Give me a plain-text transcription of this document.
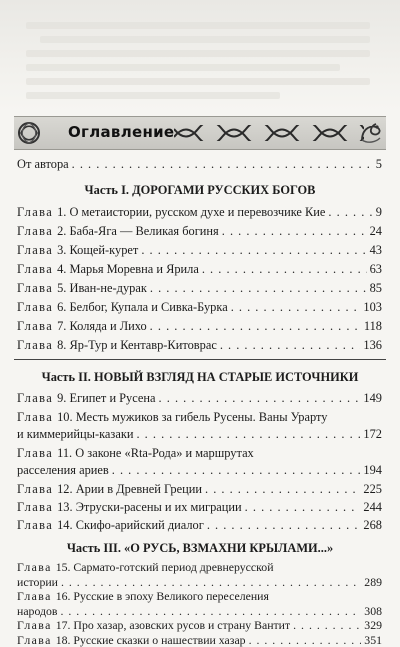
Оглавление
От автора . . .	5
Часть I. ДОРОГАМИ РУССКИХ БОГОВ
Глава 1. О метаистории, русском духе и перевозчике Кие . . .	9
Глава 2. Баба-Яга — Великая богиня . . .	24
Глава 3. Кощей-курет . . .	43
Глава 4. Марья Моревна и Ярила . . .	63
Глава 5. Иван-не-дурак . . .	85
Глава 6. Белбог, Купала и Сивка-Бурка . . .	103
Глава 7. Коляда и Лихо . . .	118
Глава 8. Яр-Тур и Кентавр-Китоврас . . .	136
Часть II. НОВЫЙ ВЗГЛЯД НА СТАРЫЕ ИСТОЧНИКИ
Глава 9. Египет и Русена . . .	149
Глава 10. Месть мужиков за гибель Русены. Ваны Урарту
и киммерийцы-казаки . . .	172
Глава 11. О законе «Rta-Рода» и маршрутах
расселения ариев . . .	194
Глава 12. Арии в Древней Греции . . .	225
Глава 13. Этруски-расены и их миграции . . .	244
Глава 14. Скифо-арийский диалог . . .	268
Часть III. «О РУСЬ, ВЗМАХНИ КРЫЛАМИ...»
Глава 15. Сармато-готский период древнерусской
истории . . .	289
Глава 16. Русские в эпоху Великого переселения
народов . . .	308
Глава 17. Про хазар, азовских русов и страну Вантит . . .	329
Глава 18. Русские сказки о нашествии хазар . . .	351
